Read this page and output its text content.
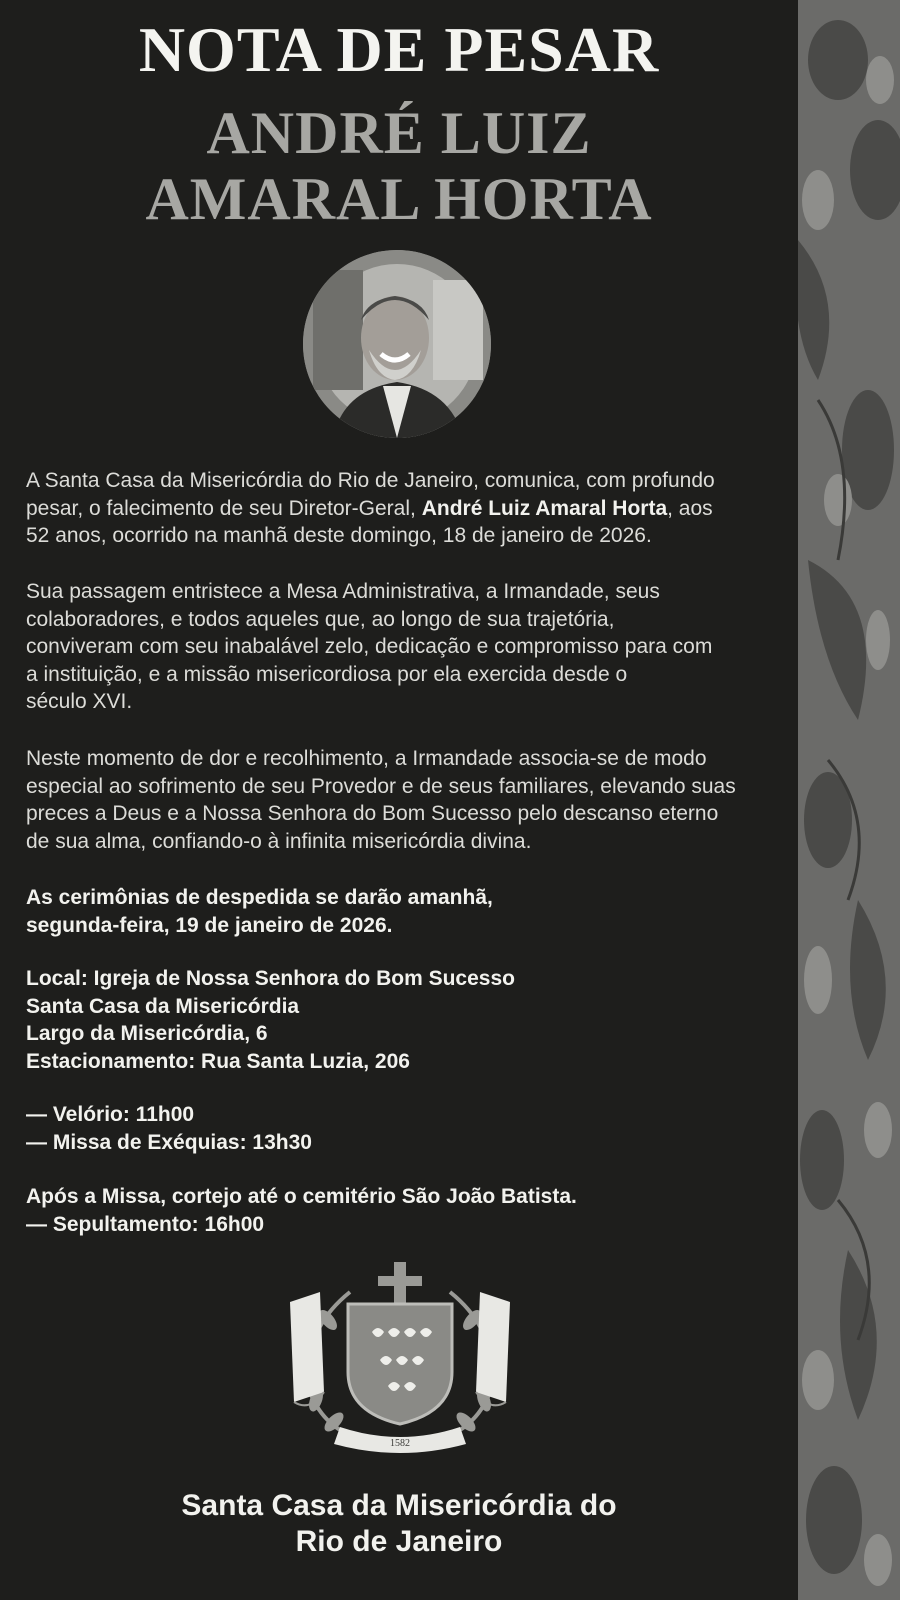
NOTA DE PESAR
ANDRÉ LUIZ
AMARAL HORTA
A Santa Casa da Misericórdia do Rio de Janeiro, comunica, com profundo
pesar, o falecimento de seu Diretor-Geral, André Luiz Amaral Horta, aos
52 anos, ocorrido na manhã deste domingo, 18 de janeiro de 2026.
Sua passagem entristece a Mesa Administrativa, a Irmandade, seus
colaboradores, e todos aqueles que, ao longo de sua trajetória,
conviveram com seu inabalável zelo, dedicação e compromisso para com
a instituição, e a missão misericordiosa por ela exercida desde o
século XVI.
Neste momento de dor e recolhimento, a Irmandade associa-se de modo
especial ao sofrimento de seu Provedor e de seus familiares, elevando suas
preces a Deus e a Nossa Senhora do Bom Sucesso pelo descanso eterno
de sua alma, confiando-o à infinita misericórdia divina.
As cerimônias de despedida se darão amanhã,
segunda-feira, 19 de janeiro de 2026.
Local: Igreja de Nossa Senhora do Bom Sucesso
Santa Casa da Misericórdia
Largo da Misericórdia, 6
Estacionamento: Rua Santa Luzia, 206
— Velório: 11h00
— Missa de Exéquias: 13h30
Após a Missa, cortejo até o cemitério São João Batista.
— Sepultamento: 16h00
1582
Santa Casa da Misericórdia do
Rio de Janeiro
